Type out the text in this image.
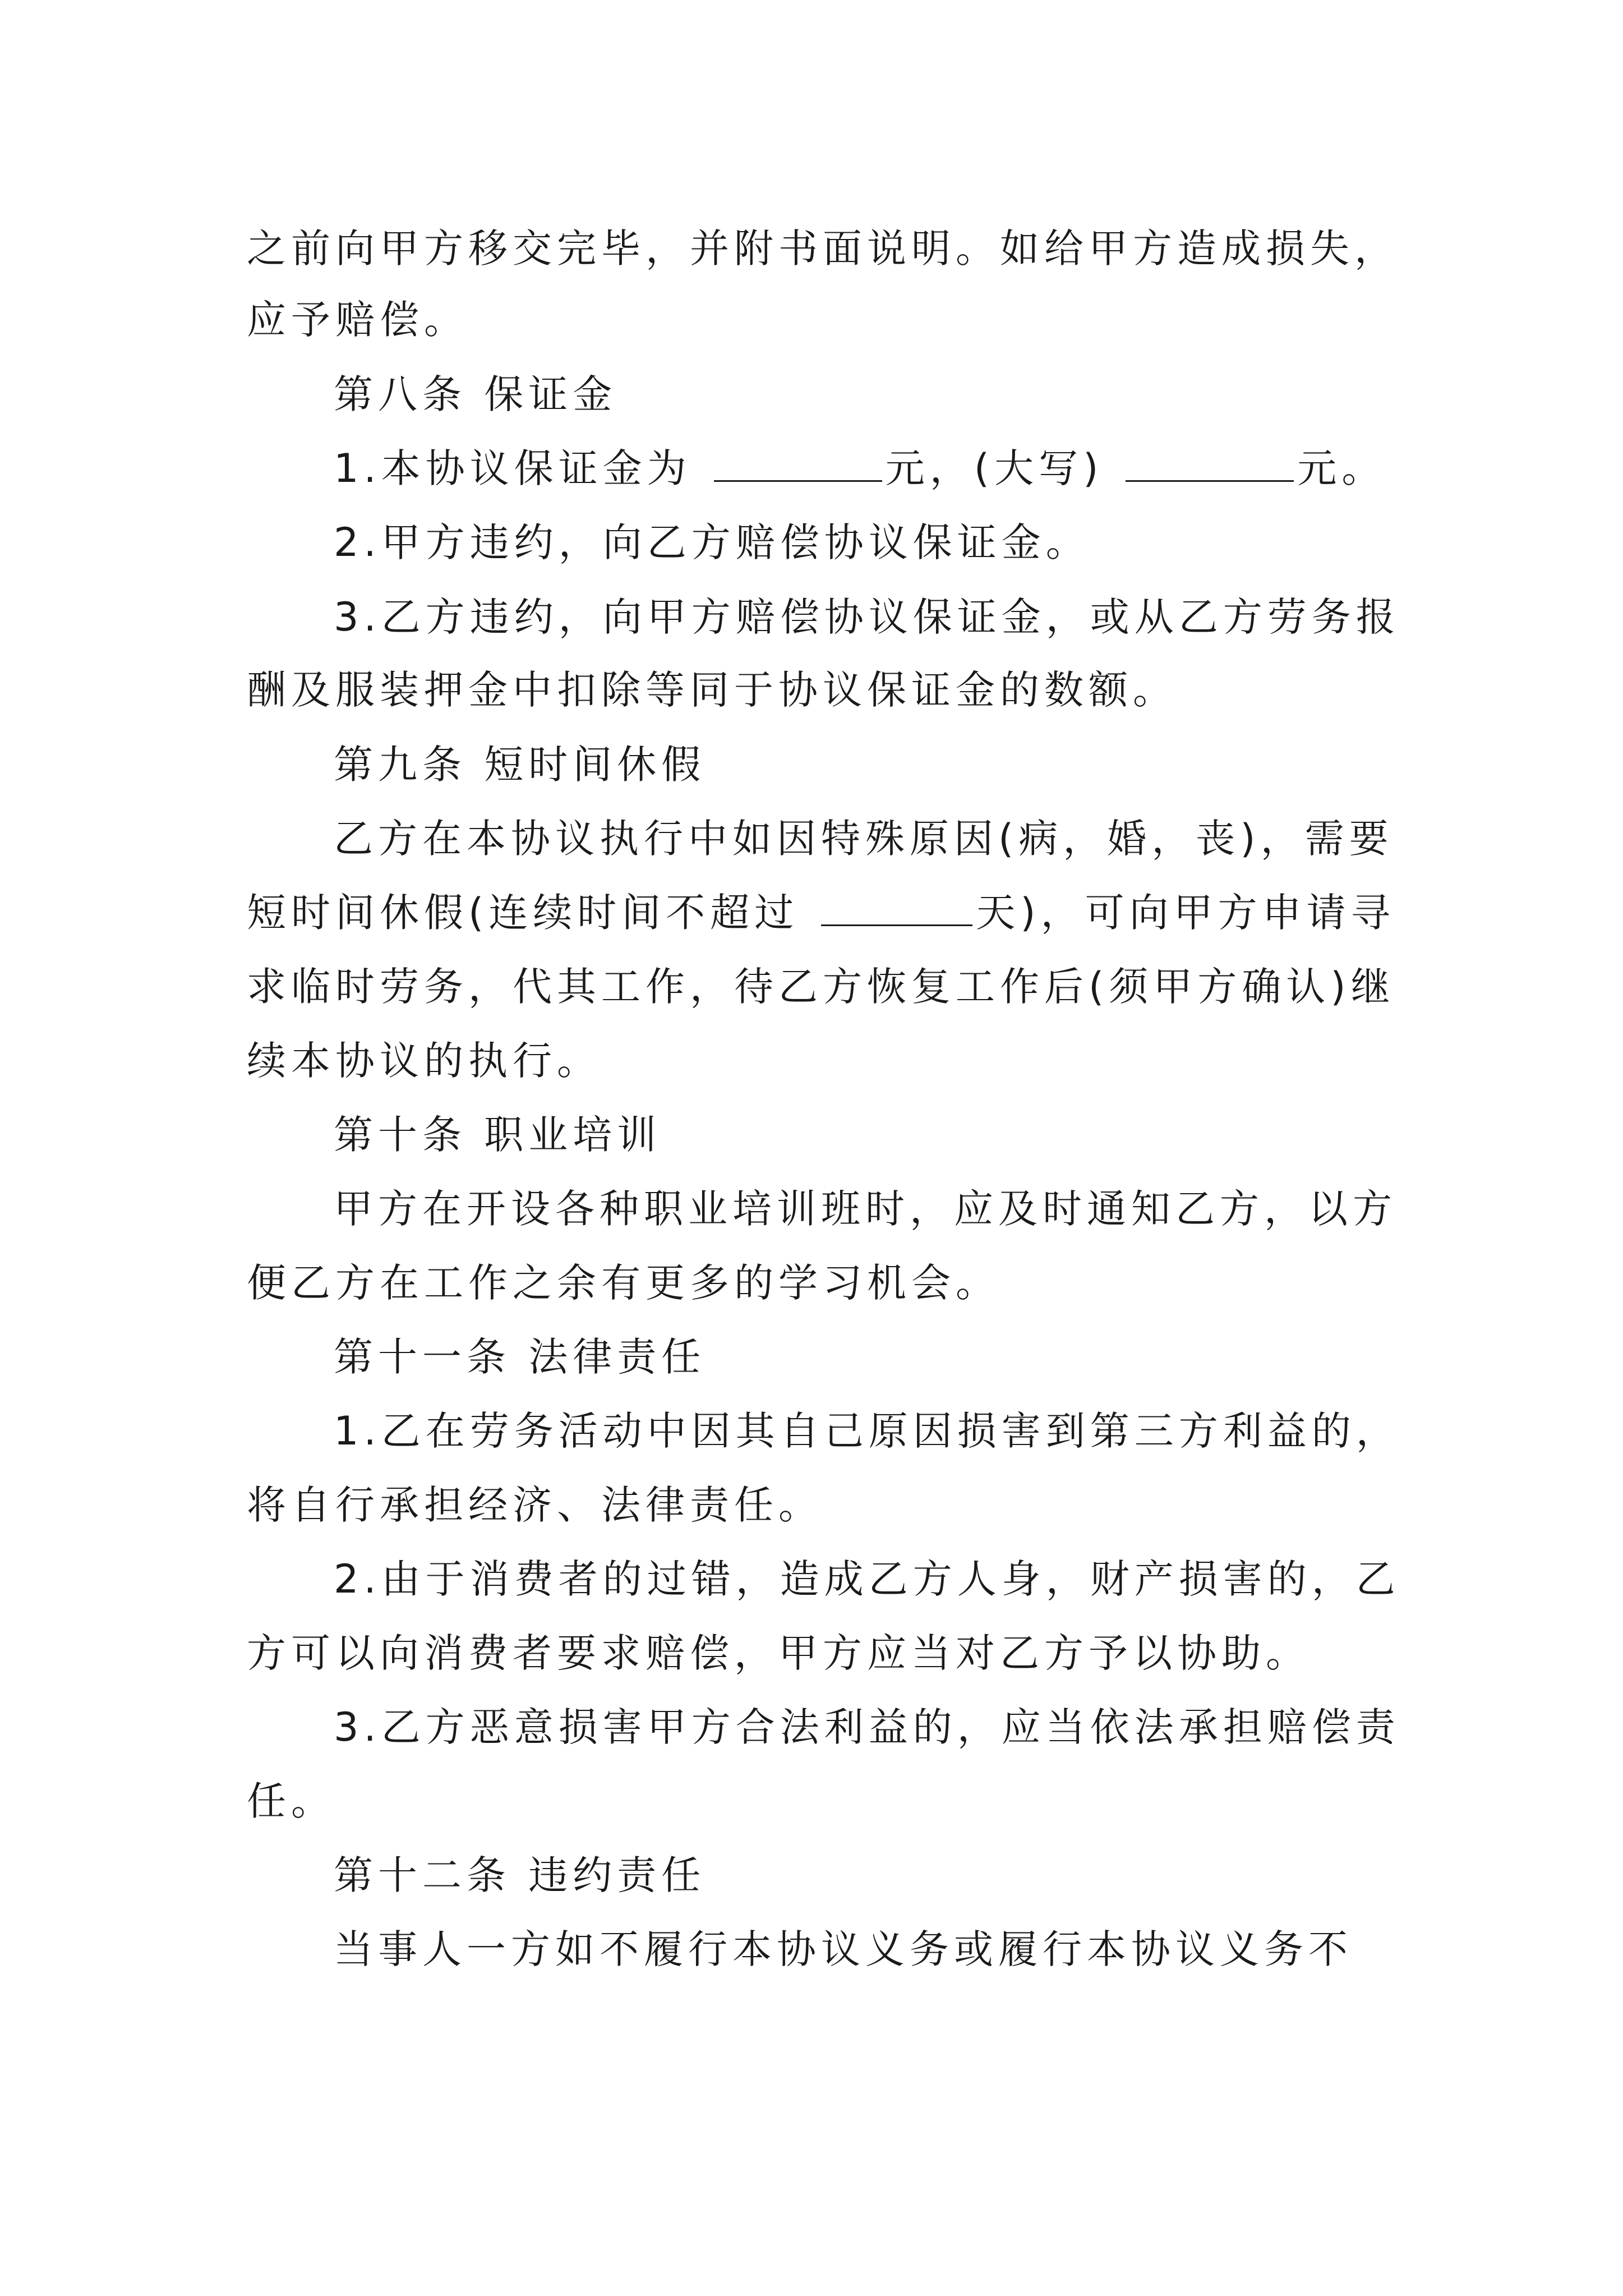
之前向甲方移交完毕，并附书面说明。如给甲方造成损失，
应予赔偿。
第八条 保证金
1.本协议保证金为	元，(大写)	元。
2.甲方违约，向乙方赔偿协议保证金。
3.乙方违约，向甲方赔偿协议保证金，或从乙方劳务报
酬及服装押金中扣除等同于协议保证金的数额。
第九条 短时间休假
乙方在本协议执行中如因特殊原因(病，婚，丧)，需要
短时间休假(连续时间不超过	天)，可向甲方申请寻
求临时劳务，代其工作，待乙方恢复工作后(须甲方确认)继
续本协议的执行。
第十条 职业培训
甲方在开设各种职业培训班时，应及时通知乙方，以方
便乙方在工作之余有更多的学习机会。
第十一条 法律责任
1.乙在劳务活动中因其自己原因损害到第三方利益的，
将自行承担经济、法律责任。
2.由于消费者的过错，造成乙方人身，财产损害的，乙
方可以向消费者要求赔偿，甲方应当对乙方予以协助。
3.乙方恶意损害甲方合法利益的，应当依法承担赔偿责
任。
第十二条 违约责任
当事人一方如不履行本协议义务或履行本协议义务不
